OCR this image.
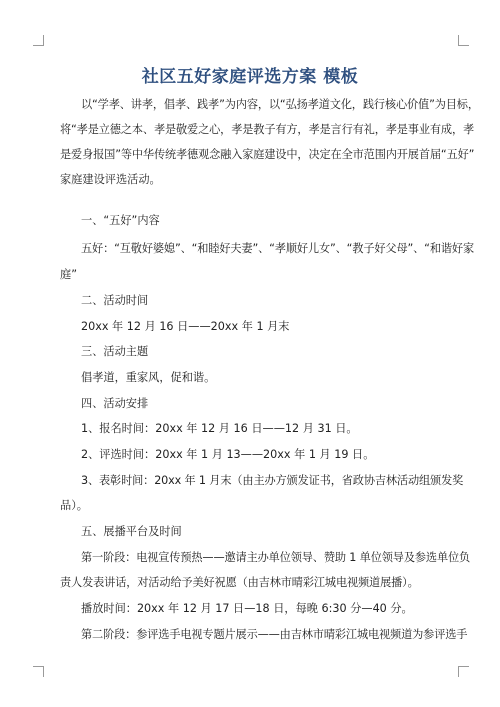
社区五好家庭评选方案 模板
以“学孝、讲孝，倡孝、践孝”为内容，以“弘扬孝道文化，践行核心价值”为目标，
将“孝是立德之本、孝是敬爱之心，孝是教子有方，孝是言行有礼，孝是事业有成，孝
是爱身报国”等中华传统孝德观念融入家庭建设中，决定在全市范围内开展首届“五好”
家庭建设评选活动。
一、“五好”内容
五好：“互敬好婆媳”、“和睦好夫妻”、“孝顺好儿女”、“教子好父母”、“和谐好家
庭”
二、活动时间
20xx 年 12 月 16 日——20xx 年 1 月末
三、活动主题
倡孝道，重家风，促和谐。
四、活动安排
1、报名时间：20xx 年 12 月 16 日——12 月 31 日。
2、评选时间：20xx 年 1 月 13——20xx 年 1 月 19 日。
3、表彰时间：20xx 年 1 月末（由主办方颁发证书，省政协吉林活动组颁发奖
品）。
五、展播平台及时间
第一阶段：电视宣传预热——邀请主办单位领导、赞助 1 单位领导及参选单位负
责人发表讲话，对活动给予美好祝愿（由吉林市晴彩江城电视频道展播）。
播放时间：20xx 年 12 月 17 日—18 日，每晚 6:30 分—40 分。
第二阶段：参评选手电视专题片展示——由吉林市晴彩江城电视频道为参评选手
